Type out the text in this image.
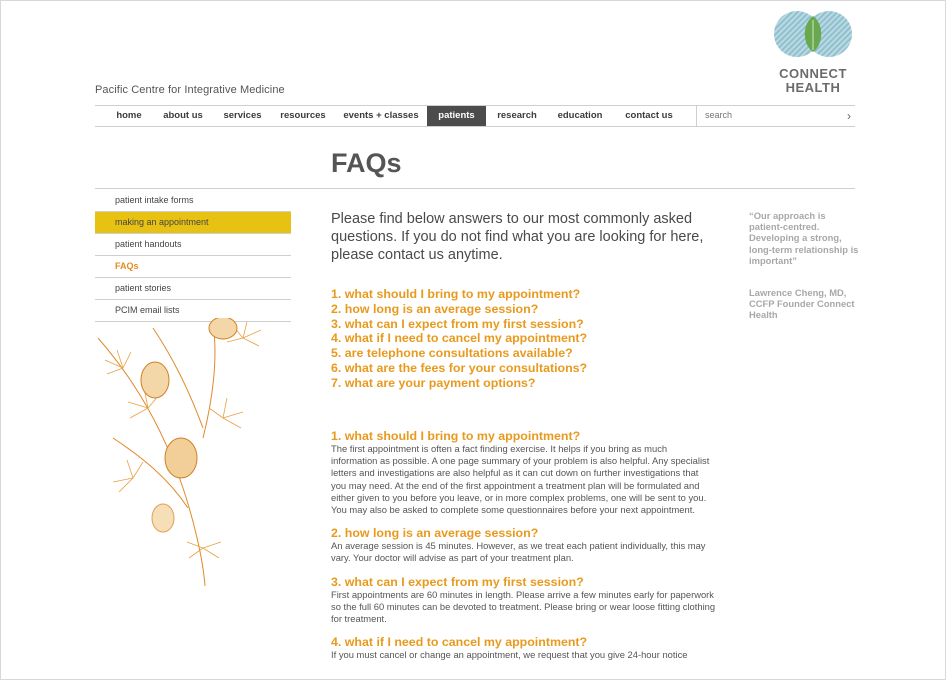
Pacific Centre for Integrative Medicine
CONNECT
HEALTH
home	about us	services	resources	events + classes	patients	research	education	contact us
search	›
FAQs
patient intake forms
making an appointment
patient handouts
FAQs
patient stories
PCIM email lists
Please find below answers to our most commonly asked questions. If you do not find what you are looking for here, please contact us anytime.
1. what should I bring to my appointment?
2. how long is an average session?
3. what can I expect from my first session?
4. what if I need to cancel my appointment?
5. are telephone consultations available?
6. what are the fees for your consultations?
7. what are your payment options?

1. what should I bring to my appointment?

The first appointment is often a fact finding exercise. It helps if you bring as much information as possible. A one page summary of your problem is also helpful. Any specialist letters and investigations are also helpful as it can cut down on further investigations that you may need. At the end of the first appointment a treatment plan will be formulated and either given to you before you leave, or in more complex problems, one will be sent to you. You may also be asked to complete some questionnaires before your next appointment.

2. how long is an average session?

An average session is 45 minutes. However, as we treat each patient individually, this may vary. Your doctor will advise as part of your treatment plan.

3. what can I expect from my first session?

First appointments are 60 minutes in length. Please arrive a few minutes early for paperwork so the full 60 minutes can be devoted to treatment. Please bring or wear loose fitting clothing for treatment.

4. what if I need to cancel my appointment?

If you must cancel or change an appointment, we request that you give 24-hour notice

“Our approach is patient-centred. Developing a strong, long-term relationship is important”
Lawrence Cheng, MD, CCFP Founder Connect Health
